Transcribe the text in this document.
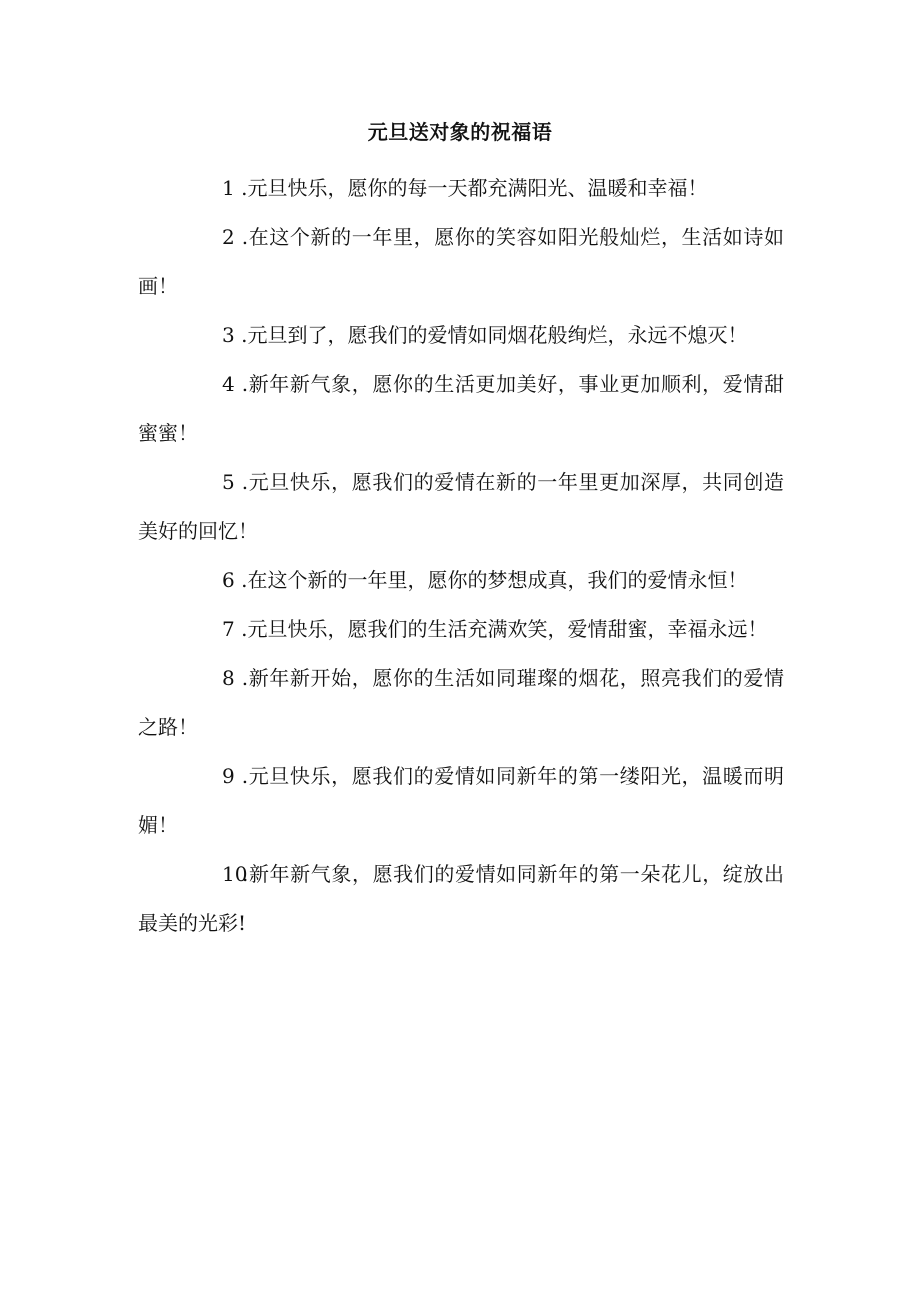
元旦送对象的祝福语

1 .元旦快乐，愿你的每一天都充满阳光、温暖和幸福！

2 .在这个新的一年里，愿你的笑容如阳光般灿烂，生活如诗如画！

3 .元旦到了，愿我们的爱情如同烟花般绚烂，永远不熄灭！

4 .新年新气象，愿你的生活更加美好，事业更加顺利，爱情甜蜜蜜！

5 .元旦快乐，愿我们的爱情在新的一年里更加深厚，共同创造美好的回忆！

6 .在这个新的一年里，愿你的梦想成真，我们的爱情永恒！

7 .元旦快乐，愿我们的生活充满欢笑，爱情甜蜜，幸福永远！

8 .新年新开始，愿你的生活如同璀璨的烟花，照亮我们的爱情之路！

9 .元旦快乐，愿我们的爱情如同新年的第一缕阳光，温暖而明媚！

10.新年新气象，愿我们的爱情如同新年的第一朵花儿，绽放出最美的光彩!
